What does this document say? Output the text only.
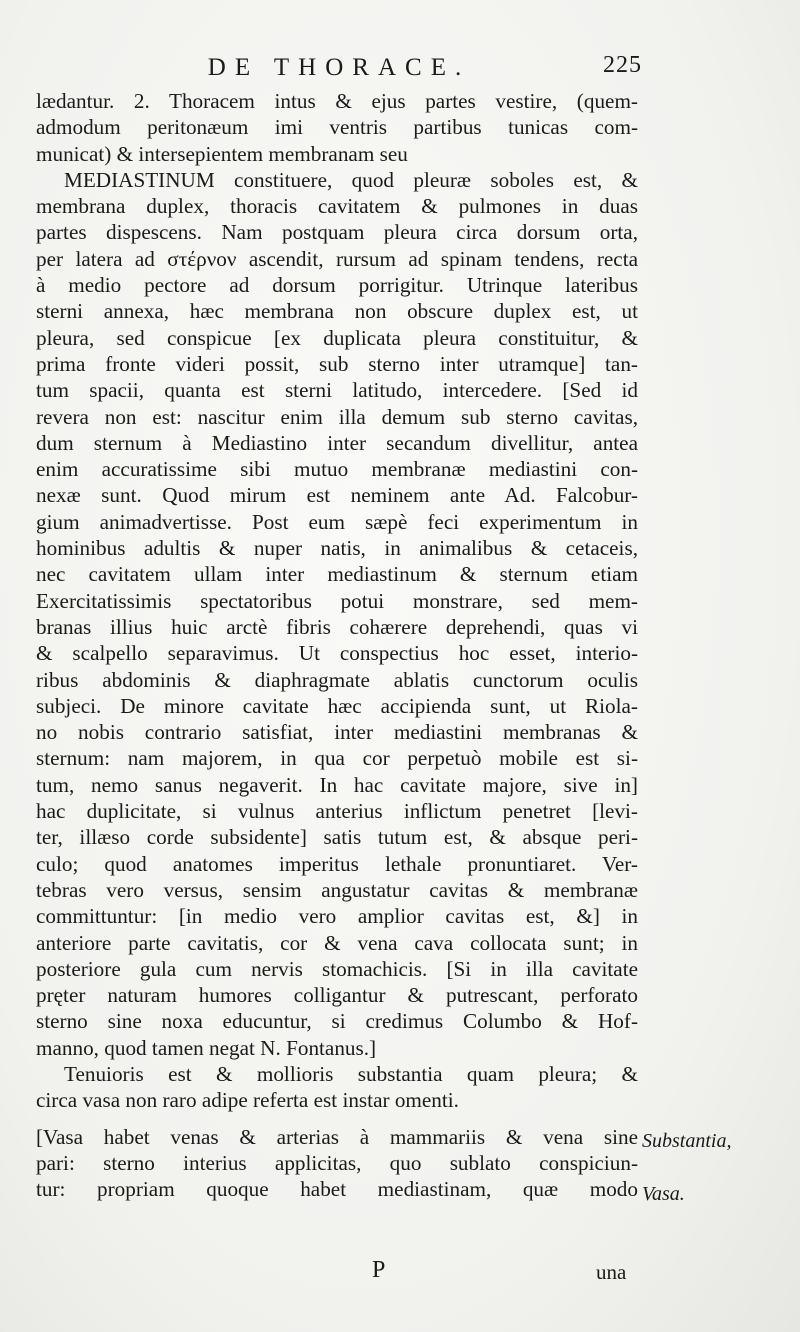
DE THORACE.	225
lædantur. 2. Thoracem intus & ejus partes vestire, (quem-
admodum peritonæum imi ventris partibus tunicas com-
municat) & intersepientem membranam seu
MEDIASTINUM constituere, quod pleuræ soboles est, &
membrana duplex, thoracis cavitatem & pulmones in duas
partes dispescens. Nam postquam pleura circa dorsum orta,
per latera ad στέρνον ascendit, rursum ad spinam tendens, recta
à medio pectore ad dorsum porrigitur. Utrinque lateribus
sterni annexa, hæc membrana non obscure duplex est, ut
pleura, sed conspicue [ex duplicata pleura constituitur, &
prima fronte videri possit, sub sterno inter utramque] tan-
tum spacii, quanta est sterni latitudo, intercedere. [Sed id
revera non est: nascitur enim illa demum sub sterno cavitas,
dum sternum à Mediastino inter secandum divellitur, antea
enim accuratissime sibi mutuo membranæ mediastini con-
nexæ sunt. Quod mirum est neminem ante Ad. Falcobur-
gium animadvertisse. Post eum sæpè feci experimentum in
hominibus adultis & nuper natis, in animalibus & cetaceis,
nec cavitatem ullam inter mediastinum & sternum etiam
Exercitatissimis spectatoribus potui monstrare, sed mem-
branas illius huic arctè fibris cohærere deprehendi, quas vi
& scalpello separavimus. Ut conspectius hoc esset, interio-
ribus abdominis & diaphragmate ablatis cunctorum oculis
subjeci. De minore cavitate hæc accipienda sunt, ut Riola-
no nobis contrario satisfiat, inter mediastini membranas &
sternum: nam majorem, in qua cor perpetuò mobile est si-
tum, nemo sanus negaverit. In hac cavitate majore, sive in]
hac duplicitate, si vulnus anterius inflictum penetret [levi-
ter, illæso corde subsidente] satis tutum est, & absque peri-
culo; quod anatomes imperitus lethale pronuntiaret. Ver-
tebras vero versus, sensim angustatur cavitas & membranæ
committuntur: [in medio vero amplior cavitas est, &] in
anteriore parte cavitatis, cor & vena cava collocata sunt; in
posteriore gula cum nervis stomachicis. [Si in illa cavitate
pręter naturam humores colligantur & putrescant, perforato
sterno sine noxa educuntur, si credimus Columbo & Hof-
manno, quod tamen negat N. Fontanus.]
Tenuioris est & mollioris substantia quam pleura; &
circa vasa non raro adipe referta est instar omenti.
[Vasa habet venas & arterias à mammariis & vena sine
pari: sterno interius applicitas, quo sublato conspiciun-
tur: propriam quoque habet mediastinam, quæ modo
Substantia,
Vasa.
P	una
